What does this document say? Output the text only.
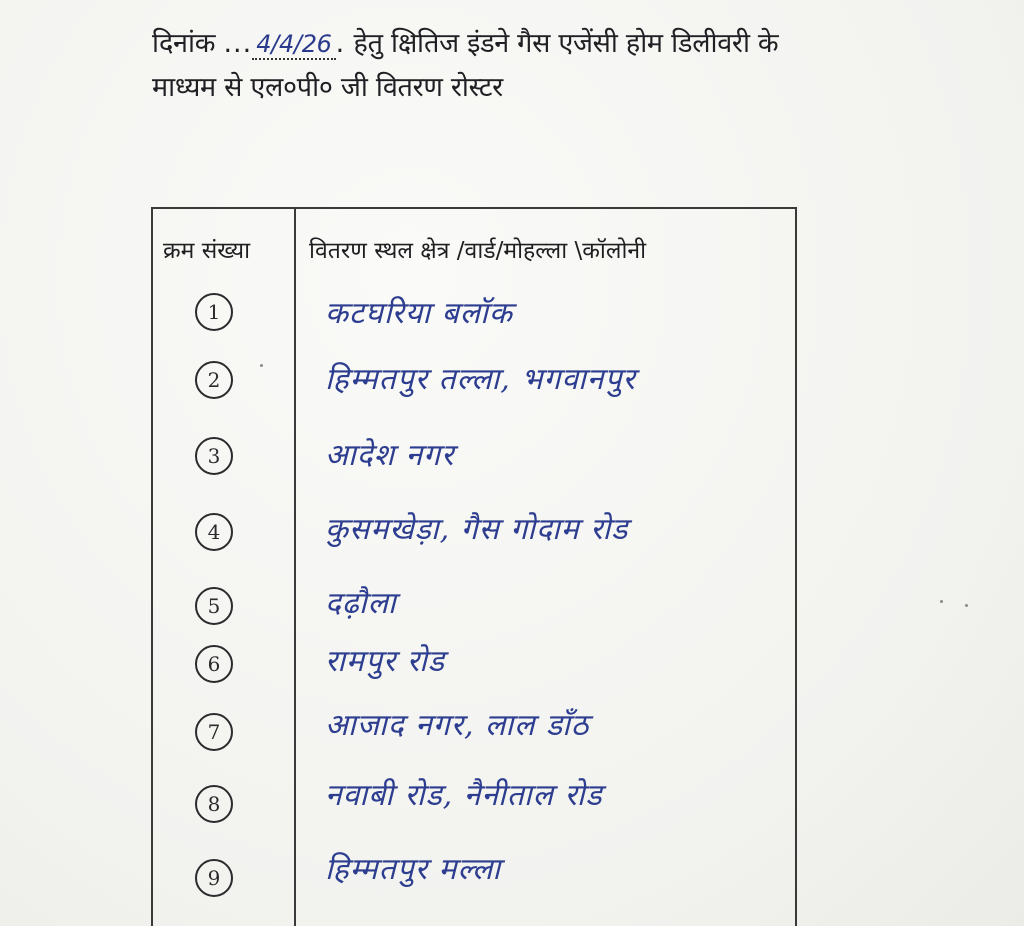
दिनांक ... 4/4/26 . हेतु क्षितिज इंडने गैस एजेंसी होम डिलीवरी के
माध्यम से एल०पी० जी वितरण रोस्टर
क्रम संख्या	वितरण स्थल क्षेत्र /वार्ड/मोहल्ला \कॉलोनी
1	कटघरिया बलॉक
2	हिम्मतपुर तल्ला, भगवानपुर
3	आदेश नगर
4	कुसमखेड़ा, गैस गोदाम रोड
5	दढ़ौला
6	रामपुर रोड
7	आजाद नगर, लाल डाँठ
8	नवाबी रोड, नैनीताल रोड
9	हिम्मतपुर मल्ला
